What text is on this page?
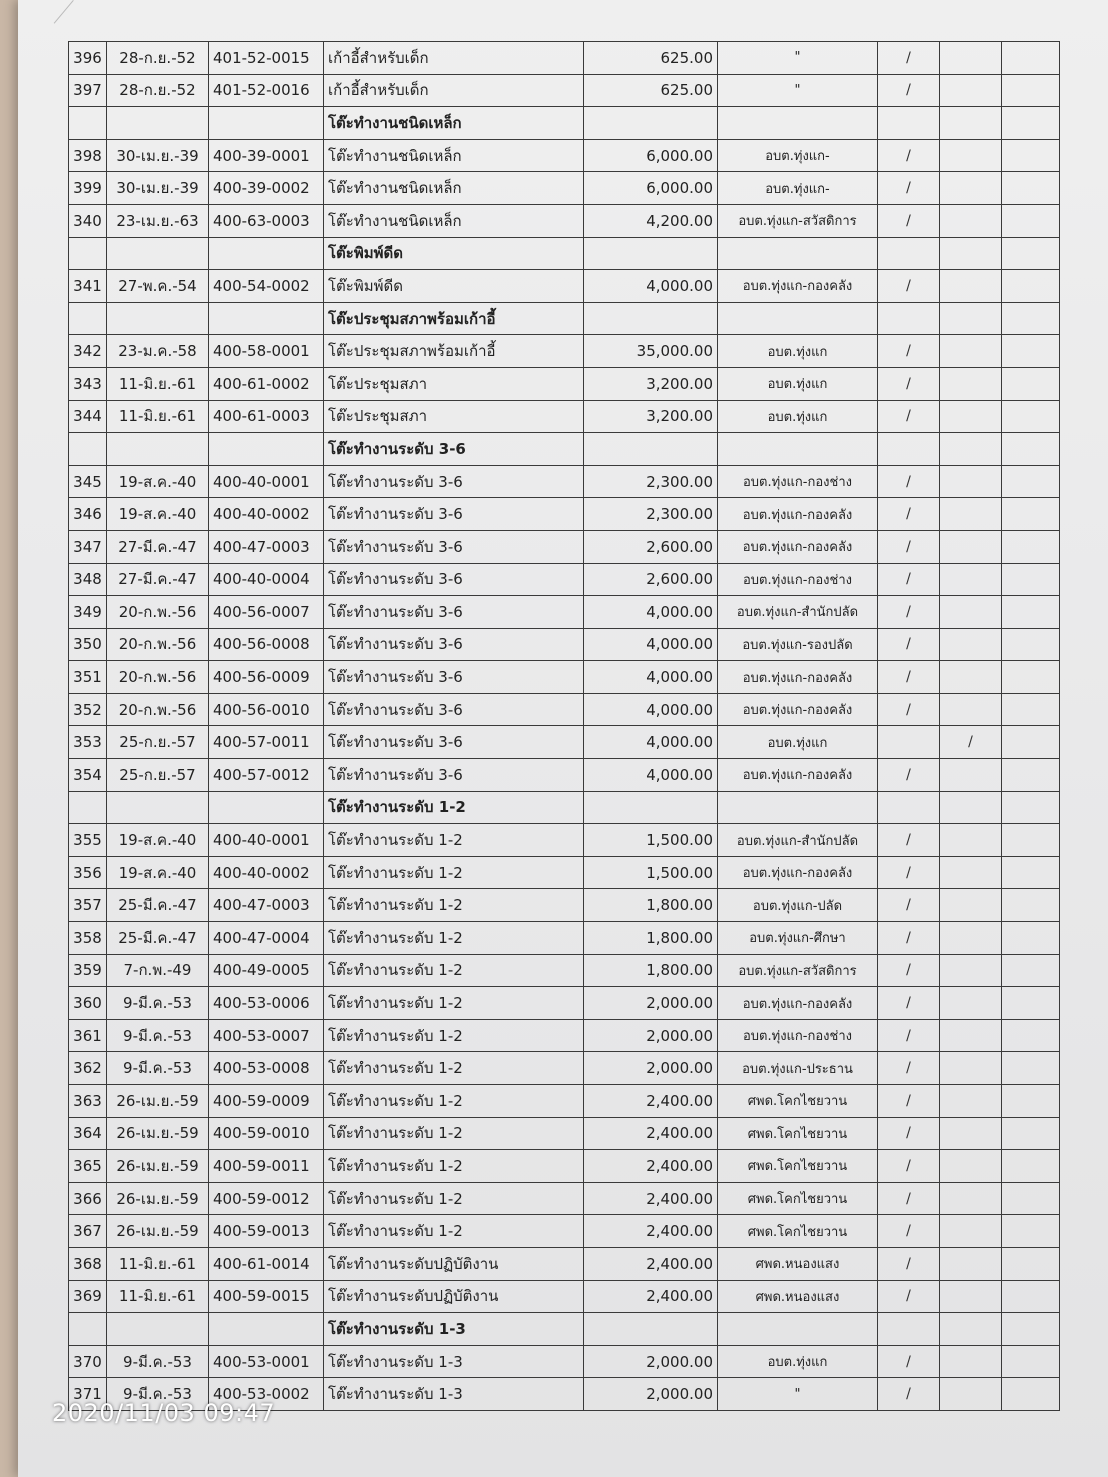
396	28-ก.ย.-52	401-52-0015	เก้าอี้สำหรับเด็ก	625.00	"	/		
397	28-ก.ย.-52	401-52-0016	เก้าอี้สำหรับเด็ก	625.00	"	/		
			โต๊ะทำงานชนิดเหล็ก					
398	30-เม.ย.-39	400-39-0001	โต๊ะทำงานชนิดเหล็ก	6,000.00	อบต.ทุ่งแก-	/		
399	30-เม.ย.-39	400-39-0002	โต๊ะทำงานชนิดเหล็ก	6,000.00	อบต.ทุ่งแก-	/		
340	23-เม.ย.-63	400-63-0003	โต๊ะทำงานชนิดเหล็ก	4,200.00	อบต.ทุ่งแก-สวัสดิการ	/		
			โต๊ะพิมพ์ดีด					
341	27-พ.ค.-54	400-54-0002	โต๊ะพิมพ์ดีด	4,000.00	อบต.ทุ่งแก-กองคลัง	/		
			โต๊ะประชุมสภาพร้อมเก้าอี้					
342	23-ม.ค.-58	400-58-0001	โต๊ะประชุมสภาพร้อมเก้าอี้	35,000.00	อบต.ทุ่งแก	/		
343	11-มิ.ย.-61	400-61-0002	โต๊ะประชุมสภา	3,200.00	อบต.ทุ่งแก	/		
344	11-มิ.ย.-61	400-61-0003	โต๊ะประชุมสภา	3,200.00	อบต.ทุ่งแก	/		
			โต๊ะทำงานระดับ 3-6					
345	19-ส.ค.-40	400-40-0001	โต๊ะทำงานระดับ 3-6	2,300.00	อบต.ทุ่งแก-กองช่าง	/		
346	19-ส.ค.-40	400-40-0002	โต๊ะทำงานระดับ 3-6	2,300.00	อบต.ทุ่งแก-กองคลัง	/		
347	27-มี.ค.-47	400-47-0003	โต๊ะทำงานระดับ 3-6	2,600.00	อบต.ทุ่งแก-กองคลัง	/		
348	27-มี.ค.-47	400-40-0004	โต๊ะทำงานระดับ 3-6	2,600.00	อบต.ทุ่งแก-กองช่าง	/		
349	20-ก.พ.-56	400-56-0007	โต๊ะทำงานระดับ 3-6	4,000.00	อบต.ทุ่งแก-สำนักปลัด	/		
350	20-ก.พ.-56	400-56-0008	โต๊ะทำงานระดับ 3-6	4,000.00	อบต.ทุ่งแก-รองปลัด	/		
351	20-ก.พ.-56	400-56-0009	โต๊ะทำงานระดับ 3-6	4,000.00	อบต.ทุ่งแก-กองคลัง	/		
352	20-ก.พ.-56	400-56-0010	โต๊ะทำงานระดับ 3-6	4,000.00	อบต.ทุ่งแก-กองคลัง	/		
353	25-ก.ย.-57	400-57-0011	โต๊ะทำงานระดับ 3-6	4,000.00	อบต.ทุ่งแก		/	
354	25-ก.ย.-57	400-57-0012	โต๊ะทำงานระดับ 3-6	4,000.00	อบต.ทุ่งแก-กองคลัง	/		
			โต๊ะทำงานระดับ 1-2					
355	19-ส.ค.-40	400-40-0001	โต๊ะทำงานระดับ 1-2	1,500.00	อบต.ทุ่งแก-สำนักปลัด	/		
356	19-ส.ค.-40	400-40-0002	โต๊ะทำงานระดับ 1-2	1,500.00	อบต.ทุ่งแก-กองคลัง	/		
357	25-มี.ค.-47	400-47-0003	โต๊ะทำงานระดับ 1-2	1,800.00	อบต.ทุ่งแก-ปลัด	/		
358	25-มี.ค.-47	400-47-0004	โต๊ะทำงานระดับ 1-2	1,800.00	อบต.ทุ่งแก-ศึกษา	/		
359	7-ก.พ.-49	400-49-0005	โต๊ะทำงานระดับ 1-2	1,800.00	อบต.ทุ่งแก-สวัสดิการ	/		
360	9-มี.ค.-53	400-53-0006	โต๊ะทำงานระดับ 1-2	2,000.00	อบต.ทุ่งแก-กองคลัง	/		
361	9-มี.ค.-53	400-53-0007	โต๊ะทำงานระดับ 1-2	2,000.00	อบต.ทุ่งแก-กองช่าง	/		
362	9-มี.ค.-53	400-53-0008	โต๊ะทำงานระดับ 1-2	2,000.00	อบต.ทุ่งแก-ประธาน	/		
363	26-เม.ย.-59	400-59-0009	โต๊ะทำงานระดับ 1-2	2,400.00	ศพด.โคกไชยวาน	/		
364	26-เม.ย.-59	400-59-0010	โต๊ะทำงานระดับ 1-2	2,400.00	ศพด.โคกไชยวาน	/		
365	26-เม.ย.-59	400-59-0011	โต๊ะทำงานระดับ 1-2	2,400.00	ศพด.โคกไชยวาน	/		
366	26-เม.ย.-59	400-59-0012	โต๊ะทำงานระดับ 1-2	2,400.00	ศพด.โคกไชยวาน	/		
367	26-เม.ย.-59	400-59-0013	โต๊ะทำงานระดับ 1-2	2,400.00	ศพด.โคกไชยวาน	/		
368	11-มิ.ย.-61	400-61-0014	โต๊ะทำงานระดับปฏิบัติงาน	2,400.00	ศพด.หนองแสง	/		
369	11-มิ.ย.-61	400-59-0015	โต๊ะทำงานระดับปฏิบัติงาน	2,400.00	ศพด.หนองแสง	/		
			โต๊ะทำงานระดับ 1-3					
370	9-มี.ค.-53	400-53-0001	โต๊ะทำงานระดับ 1-3	2,000.00	อบต.ทุ่งแก	/		
371	9-มี.ค.-53	400-53-0002	โต๊ะทำงานระดับ 1-3	2,000.00	"	/		
2020/11/03 09:47
